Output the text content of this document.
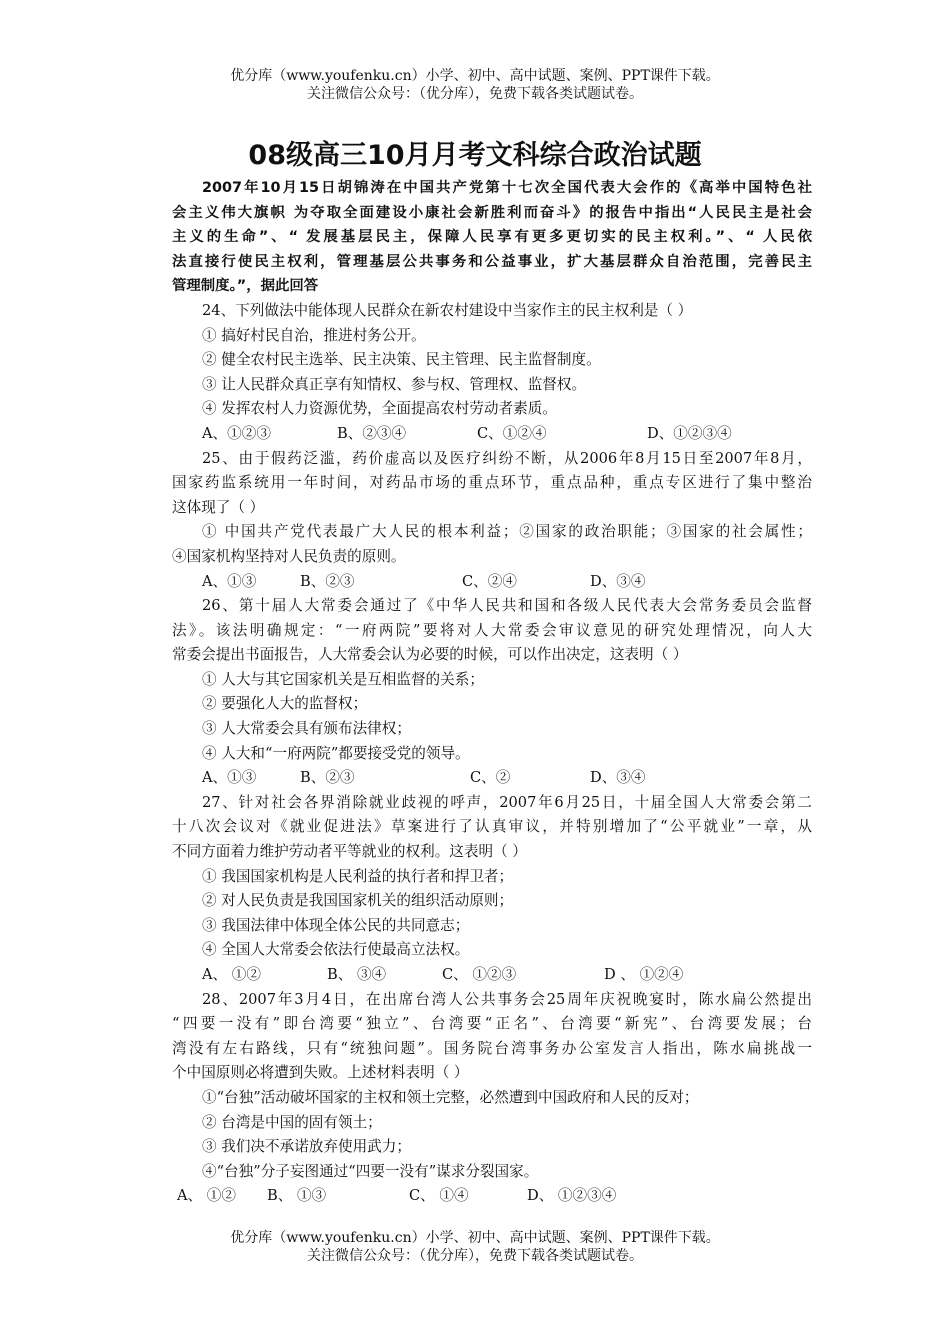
优分库（www.youfenku.cn）小学、初中、高中试题、案例、PPT课件下载。
关注微信公众号：（优分库），免费下载各类试题试卷。
08级高三10月月考文科综合政治试题
2007年10月15日胡锦涛在中国共产党第十七次全国代表大会作的《高举中国特色社
会主义伟大旗帜 为夺取全面建设小康社会新胜利而奋斗》的报告中指出“人民民主是社会
主义的生命”、“ 发展基层民主，保障人民享有更多更切实的民主权利。”、“ 人民依
法直接行使民主权利，管理基层公共事务和公益事业，扩大基层群众自治范围，完善民主
管理制度。”，据此回答
24、下列做法中能体现人民群众在新农村建设中当家作主的民主权利是（ ）
① 搞好村民自治，推进村务公开。
② 健全农村民主选举、民主决策、民主管理、民主监督制度。
③ 让人民群众真正享有知情权、参与权、管理权、监督权。
④ 发挥农村人力资源优势，全面提高农村劳动者素质。
A、①②③	B、②③④	C、①②④	D、①②③④
25、由于假药泛滥，药价虚高以及医疗纠纷不断，从2006年8月15日至2007年8月，
国家药监系统用一年时间，对药品市场的重点环节，重点品种，重点专区进行了集中整治
这体现了（ ）
① 中国共产党代表最广大人民的根本利益；②国家的政治职能；③国家的社会属性；
④国家机构坚持对人民负责的原则。
A、①③	B、②③	C、②④	D、③④
26、第十届人大常委会通过了《中华人民共和国和各级人民代表大会常务委员会监督
法》。该法明确规定：“一府两院”要将对人大常委会审议意见的研究处理情况，向人大
常委会提出书面报告，人大常委会认为必要的时候，可以作出决定，这表明（ ）
① 人大与其它国家机关是互相监督的关系；
② 要强化人大的监督权；
③ 人大常委会具有颁布法律权；
④ 人大和“一府两院”都要接受党的领导。
A、①③	B、②③	C、②	D、③④
27、针对社会各界消除就业歧视的呼声，2007年6月25日，十届全国人大常委会第二
十八次会议对《就业促进法》草案进行了认真审议，并特别增加了“公平就业”一章，从
不同方面着力维护劳动者平等就业的权利。这表明（ ）
① 我国国家机构是人民利益的执行者和捍卫者；
② 对人民负责是我国国家机关的组织活动原则；
③ 我国法律中体现全体公民的共同意志；
④ 全国人大常委会依法行使最高立法权。
A、 ①②	B、 ③④	C、 ①②③	D 、 ①②④
28、2007年3月4日，在出席台湾人公共事务会25周年庆祝晚宴时，陈水扁公然提出
“四要一没有”即台湾要“独立”、台湾要“正名”、台湾要“新宪”、台湾要发展；台
湾没有左右路线，只有“统独问题”。国务院台湾事务办公室发言人指出，陈水扁挑战一
个中国原则必将遭到失败。上述材料表明（ ）
①“台独”活动破坏国家的主权和领土完整，必然遭到中国政府和人民的反对；
② 台湾是中国的固有领土；
③ 我们决不承诺放弃使用武力；
④“台独”分子妄图通过“四要一没有”谋求分裂国家。
A、 ①② B、 ①③	C、 ①④	D、 ①②③④
优分库（www.youfenku.cn）小学、初中、高中试题、案例、PPT课件下载。
关注微信公众号：（优分库），免费下载各类试题试卷。
